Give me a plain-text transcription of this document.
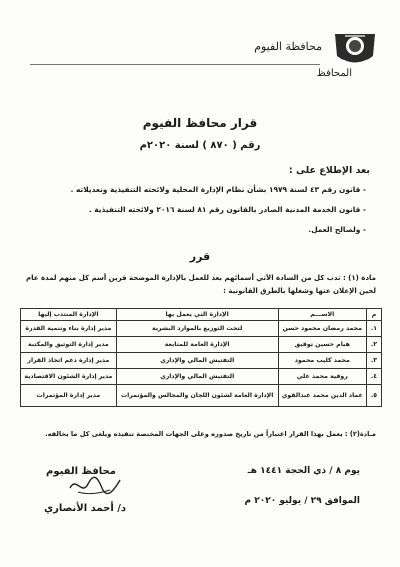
محافظة الفيوم
المحافظ
قرار محافظ الفيوم
رقم ( ٨٧٠ ) لسنة ٢٠٢٠م
بعد الإطلاع على :
- قانون رقم ٤٣ لسنة ١٩٧٩ بشأن نظام الإدارة المحلية ولائحته التنفيذية وتعديلاته .
- قانون الخدمة المدنية الصادر بالقانون رقم ٨١ لسنة ٢٠١٦ ولائحته التنفيذية .
- ولصالح العمل.
قرر
مادة (١) : ندب كل من السادة الآتي أسمائهم بعد للعمل بالإدارة الموضحة قرين أسم كل منهم لمدة عام لحين الإعلان عنها وشغلها بالطرق القانونية :
م	الاســـم	الإدارة التي يعمل بها	الإدارة المنتدب إليها
١.	محمد رمضان محمود حسن	لتحت التوزيع بالموارد البشرية	مدير إدارة بناء وتنمية القدرة
٢.	هيام حسين توفيق	الإدارة العامة للمتابعة	مدير إدارة التوثيق والمكتبة
٣.	محمد كليب محمود	التفتيش المالي والإداري	مدير إدارة دعم اتخاذ القرار
٤.	روقية محمد علي	التفتيش المالي والإداري	مدير إدارة الشئون الاقتصادية
٥.	عماد الدين محمد عبدالقوي	الإدارة العامة لشئون اللجان والمجالس والمؤتمرات	مدير إدارة المؤتمرات
مـادة(٢) : يعمل بهذا القرار اعتباراً من تاريخ صدوره وعلى الجهات المختصة تنفيذه ويلغى كل ما يخالفه.
يوم ٨ / ذي الحجة ١٤٤١ هـ
الموافق ٢٩ / يوليو ٢٠٢٠ م
محافظ الفيوم
د/ أحمد الأنصاري
